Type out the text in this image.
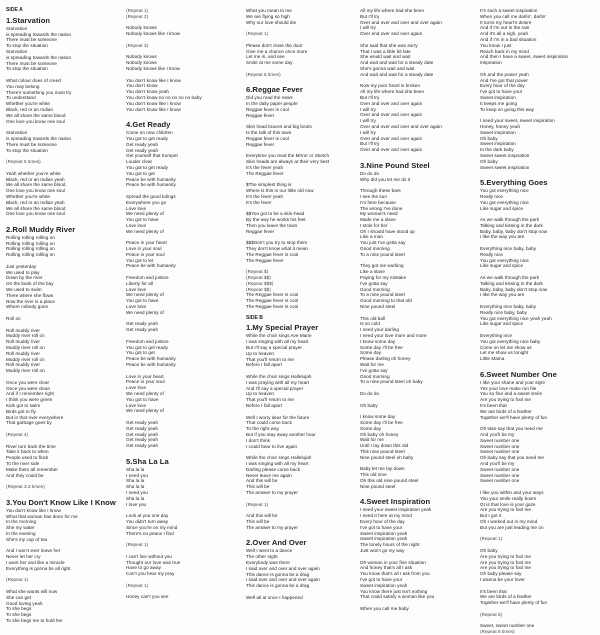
SIDE A
1.Starvation
Starvation
is spreading towards the nation
There must be someone
To stop the situation
Starvation
is spreading towards the nation
There must be someone
To stop the situation
What colour does of creed
You may belong
There's something you must try
To understand
Whether you're white
Black, red or an Indian
We all share the same blood
One love you know one soul
Starvation
is spreading towards the nation
There must be someone
To stop the situation
(Repeat 5 times)
Yeah whether you're white
Black, red or an Indian yeah
We all share the same blood
One love you know one soul
Whether you're white
Black, red or an Indian yeah
We all share the same blood
One love you know one soul
2.Roll Muddy River
Rolling rolling rolling on
Rolling rolling rolling on
Rolling rolling rolling on
Rolling rolling rolling on
Just yesterday
We used to play
Down by the river
On the bank of the bay
We used to swim
There where she flows
Now the river is a place
Where nobody goes
Roll on
Roll muddy river
Muddy river roll on
Roll muddy river
Muddy river roll on
Roll muddy river
Muddy river roll on
Roll muddy river
Muddy river roll on
Once you were clear
Once you were clean
And if I remember right
I think you were green
Kids got to swim
Birds got to fly
But in that river everywhere
That garbage goes by
(Repeat 4)
River turn back the time
Take it back to when
People used to flock
To the river side
Make them all remember
And they could be
(Repeat 3,3 times)
3.You Don't Know Like I Know
You don't know like I know
What that woman has done for me
In the morning
She my water
In the evening
She's my cup of tea
And I won't ever leave her
Never let her cry
I want her and like a miracle
Everything is gonna be all right
(Repeat 1)
What she wants will now
She can get
Good loving yeah
To she begs
To she begs
To she begs me to hold her
(Repeat 1)
(Repeat 2)
Nobody knows
Nobody knows like I know
(Repeat 3)
Nobody knows
Nobody knows
Nobody knows like I know
You don't know like I know
You don't know
You don't know yeah
You don't know no no no no no baby
You don't know like I know
You don't know like I know
4.Get Ready
Come on now children
You got to get ready
Get ready yeah
Get ready yeah
Get yourself that trumpet
Louder clear
You got to get ready
You got to get
Peace be with humanity
Peace be with humanity
Spread the good tidings
Everywhere you go
Love love
We need plenty of
You got to have
Love love
We need plenty of
Peace in your heart
Love in your soul
Peace in your soul
You got to let
Peace be with humanity
Freedom and justice
Liberty for all
Love love
We need plenty of
You got to have
Love love
We need plenty of
Get ready yeah
Get ready yeah
Freedom and justice
You got to get ready
You got to get
Peace be with humanity
Peace be with humanity
Love in your heart
Peace in your soul
Love love
We need plenty of
You got to have
Love love
We need plenty of
Get ready yeah
Get ready yeah
Get ready yeah
Get ready yeah
Get ready yeah
5.Sha La La
Sha la la
I need you
Sha la la
Sha la la
I need you
Sha la la
I love you
Look at you one day
You didn't turn away
Since you're on my mind
There's no peace I find
(Repeat 1)
I can't live without you
Thought our love was true
Have to go away
Can't you hear my pray
(Repeat 1)
Honey can't you see
What you mean to me
We are flying so high
Why our love should die
(Repeat 1)
Please don't close the door
Give me a chance once more
Let me in, and see
Smile at me some day
(Repeat 5 times)
6.Reggae Fever
Did you read the news
In the daily paper people
Reggae fever is cool
Reggae fever
Skin head braces and big boots
Is the talk of this town
Reggae fever is cool
Reggae fever
Everytime you read the Mirror or Sketch
Skin heads are always at their very best
It's the fever yeah
The Reggae fever
$The simplest thing is
Where is this in our little old now
It's the fever yeah
It's the fever
$$You got to be a skin-head
By the way he works his feet
Then you leave the town
Reggae fever
$$$Don't you try to stop them
They don't know what it mean
The Reggae fever is cool
The Reggae fever
(Repeat $)
(Repeat $$)
(Repeat $$$)
(Repeat $$)
The Reggae fever is cool
The Reggae fever is cool
The Reggae fever is cool
SIDE B
1.My Special Prayer
While the choir sings Ave Marie
I was singing with all my heart
But I'll say a special prayer
Up to heaven
That you'll return to me
Before I fall apart
While the choir sings Hallelujah
I was praying with all my heart
And I'll say a special prayer
Up to heaven
That you'll return to me
Before I fall apart
Well I worry dear for the future
That could come back
To the right way
But if you stay away another hour
I don't think
I could bear to live again
While the choir sings Hallelujah
I was singing with all my heart
Darling please come back
Never leave me again
And this will be
This will be
The answer to my prayer
(Repeat 1)
And this will be
This will be
The answer to my prayer
2.Over And Over
Well I went to a dance
The other night
Everybody was there
I said over and over and over again
This dance is gonna be a drag
I said over and over and over again
This dance is gonna be a drag
Well all at once I happened
All my life where had she been
But I'll try
Over and over and over and over again
I will try
Over and over and over again
She said that she was sorry
That I was a little bit late
She would wait and wait
And wait and wait for a steady date
She's gonna wait and wait
And wait and wait for a steady date
Now my poor heart is broken
All my life where had she been
But I'll try
Over and over and over again
I will try
Over and over and over again
I will try
Over and over and over and over again
I will try
Over and over and over again
But I'll try
Over and over and over again
3.Nine Pound Steel
Do do do
Why did you let me do it
Through these bars
I see the sun
I'm here because
The wrong I've done
My woman's need
Made me a slave
I stole for her
Oh I should have stood up
Like a man
You just I've gotta say
Good morning
To a nine pound steel
They got me working
Like a slave
Paying for my mistake
I've gotta say
Good morning
To a nine pound steel
Good morning to that old
Nine pound steel
This old ball
Is so cold
I need your darling
I need your love more and more
I know some day
Some day I'll be free
Some day
Please darling oh honey
Wait for me
I've gotta say
Good morning
To a nine pound steel oh baby
Do do do
Oh baby
I know some day
Some day I'll be free
Some day
Oh baby oh honey
Wait for me
Until I lay down this old
This nine pound steel
Nine pound steel oh baby
Baby let me lay down
This old nine
Oh this old nine pound steel
Nine pound steel
4.Sweet Inspiration
I need your sweet inspiration yeah
I need it here at my mind
Every hour of the day
I've got to have your
Sweet inspiration yeah
Sweet inspiration yeah
The lonely hours of the night
Just won't go my way
Oh woman in your fine situation
And honey that's all I ask
You know that's all I ask from you
I've got to have your
Sweet inspiration yeah
You know there just isn't nothing
That could satisfy a woman like you
When you call me baby
It's such a sweet inspiration
When you call me darlin', darlin'
It turns my heart's desire
And if I'm out in the rain
And it's all a sigh, yeah
And if I'm in a bad situation
You know I just
Reach back in my mind
And then I have a sweet, sweet inspiration
Inspiration
Oh and the power yeah
And I've got that power
Every hour of the day
I've got to have your
Sweet inspiration
It keeps me going
To keep on going this way
I need your sweet, sweet inspiration
Honey, honey yeah
Sweet inspiration
Oh baby
Sweet inspiration
In the dark baby
Sweet sweet inspiration
Oh baby
Sweet sweet inspiration
5.Everything Goes
You got everything nice
Really nice
You got everything nice
Like sugar and spice
As we walk through the park
Talking and kissing in the dark
Baby, baby, baby don't stop now
I like the way you are
Everything nice baby, baby
Really nice
You got everything nice
Like sugar and spice
As we walk through the park
Talking and kissing in the dark
Baby, baby, baby don't stop now
I like the way you are
Everything nice baby, baby
Really nice baby, baby
You got everything nice yeah yeah
Like sugar and spice
Everything nice
You got everything nice baby
Come on let me show us
Let me show us tonight
Little Mama
6.Sweet Number One
I like your shane and your style
Yes your love make run file
You so fine and a sweet smile
Are you trying to fool me
It's been that
We are birds of a feather
Together we'll have plenty of fun
Oh take say that you need me
And you'll be my
Sweet number one
Sweet number one
Sweet number one
Oh baby say that you need me
And you'll be my
Sweet number one
Sweet number one
Sweet number one
I like you within and your ways
You your smile really boom
Gt is that love is your gaze
Are you trying to fool me
But I got it
Oh I worked out in my mind
But you are just leading me on
(Repeat 1)
Oh baby
Are you trying to fool me
Are you trying to fool me
Are you trying to fool me
Oh baby please say
I wanna be your lover
It's been that
We are birds of a feather
Together we'll have plenty of fun
(Repeat 5)
Sweet, sweet number one
(Repeat 8 times)
